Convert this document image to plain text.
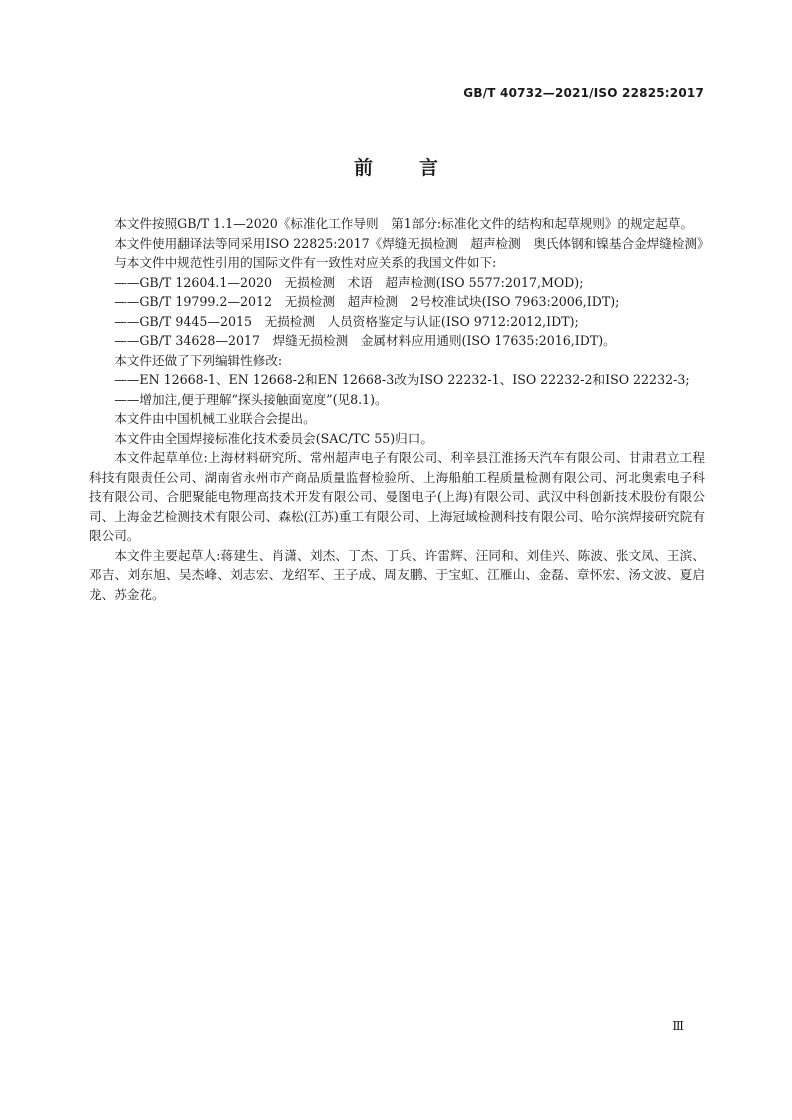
GB/T 40732—2021/ISO 22825:2017
前言

本文件按照GB/T 1.1—2020《标准化工作导则　第1部分:标准化文件的结构和起草规则》的规定起草。

本文件使用翻译法等同采用ISO 22825:2017《焊缝无损检测　超声检测　奥氏体钢和镍基合金焊缝检测》

与本文件中规范性引用的国际文件有一致性对应关系的我国文件如下:

——GB/T 12604.1—2020　无损检测　术语　超声检测(ISO 5577:2017,MOD);

——GB/T 19799.2—2012　无损检测　超声检测　2号校准试块(ISO 7963:2006,IDT);

——GB/T 9445—2015　无损检测　人员资格鉴定与认证(ISO 9712:2012,IDT);

——GB/T 34628—2017　焊缝无损检测　金属材料应用通则(ISO 17635:2016,IDT)。

本文件还做了下列编辑性修改:

——EN 12668-1、EN 12668-2和EN 12668-3改为ISO 22232-1、ISO 22232-2和ISO 22232-3;

——增加注,便于理解“探头接触面宽度”(见8.1)。

本文件由中国机械工业联合会提出。

本文件由全国焊接标准化技术委员会(SAC/TC 55)归口。

本文件起草单位:上海材料研究所、常州超声电子有限公司、利辛县江淮扬天汽车有限公司、甘肃君立工程科技有限责任公司、湖南省永州市产商品质量监督检验所、上海船舶工程质量检测有限公司、河北奥索电子科技有限公司、合肥聚能电物理高技术开发有限公司、曼图电子(上海)有限公司、武汉中科创新技术股份有限公司、上海金艺检测技术有限公司、森松(江苏)重工有限公司、上海冠域检测科技有限公司、哈尔滨焊接研究院有限公司。

本文件主要起草人:蒋建生、肖潇、刘杰、丁杰、丁兵、许雷辉、汪同和、刘佳兴、陈波、张文凤、王滨、邓吉、刘东旭、吴杰峰、刘志宏、龙绍军、王子成、周友鹏、于宝虹、江雁山、金磊、章怀宏、汤文波、夏启龙、苏金花。

Ⅲ
